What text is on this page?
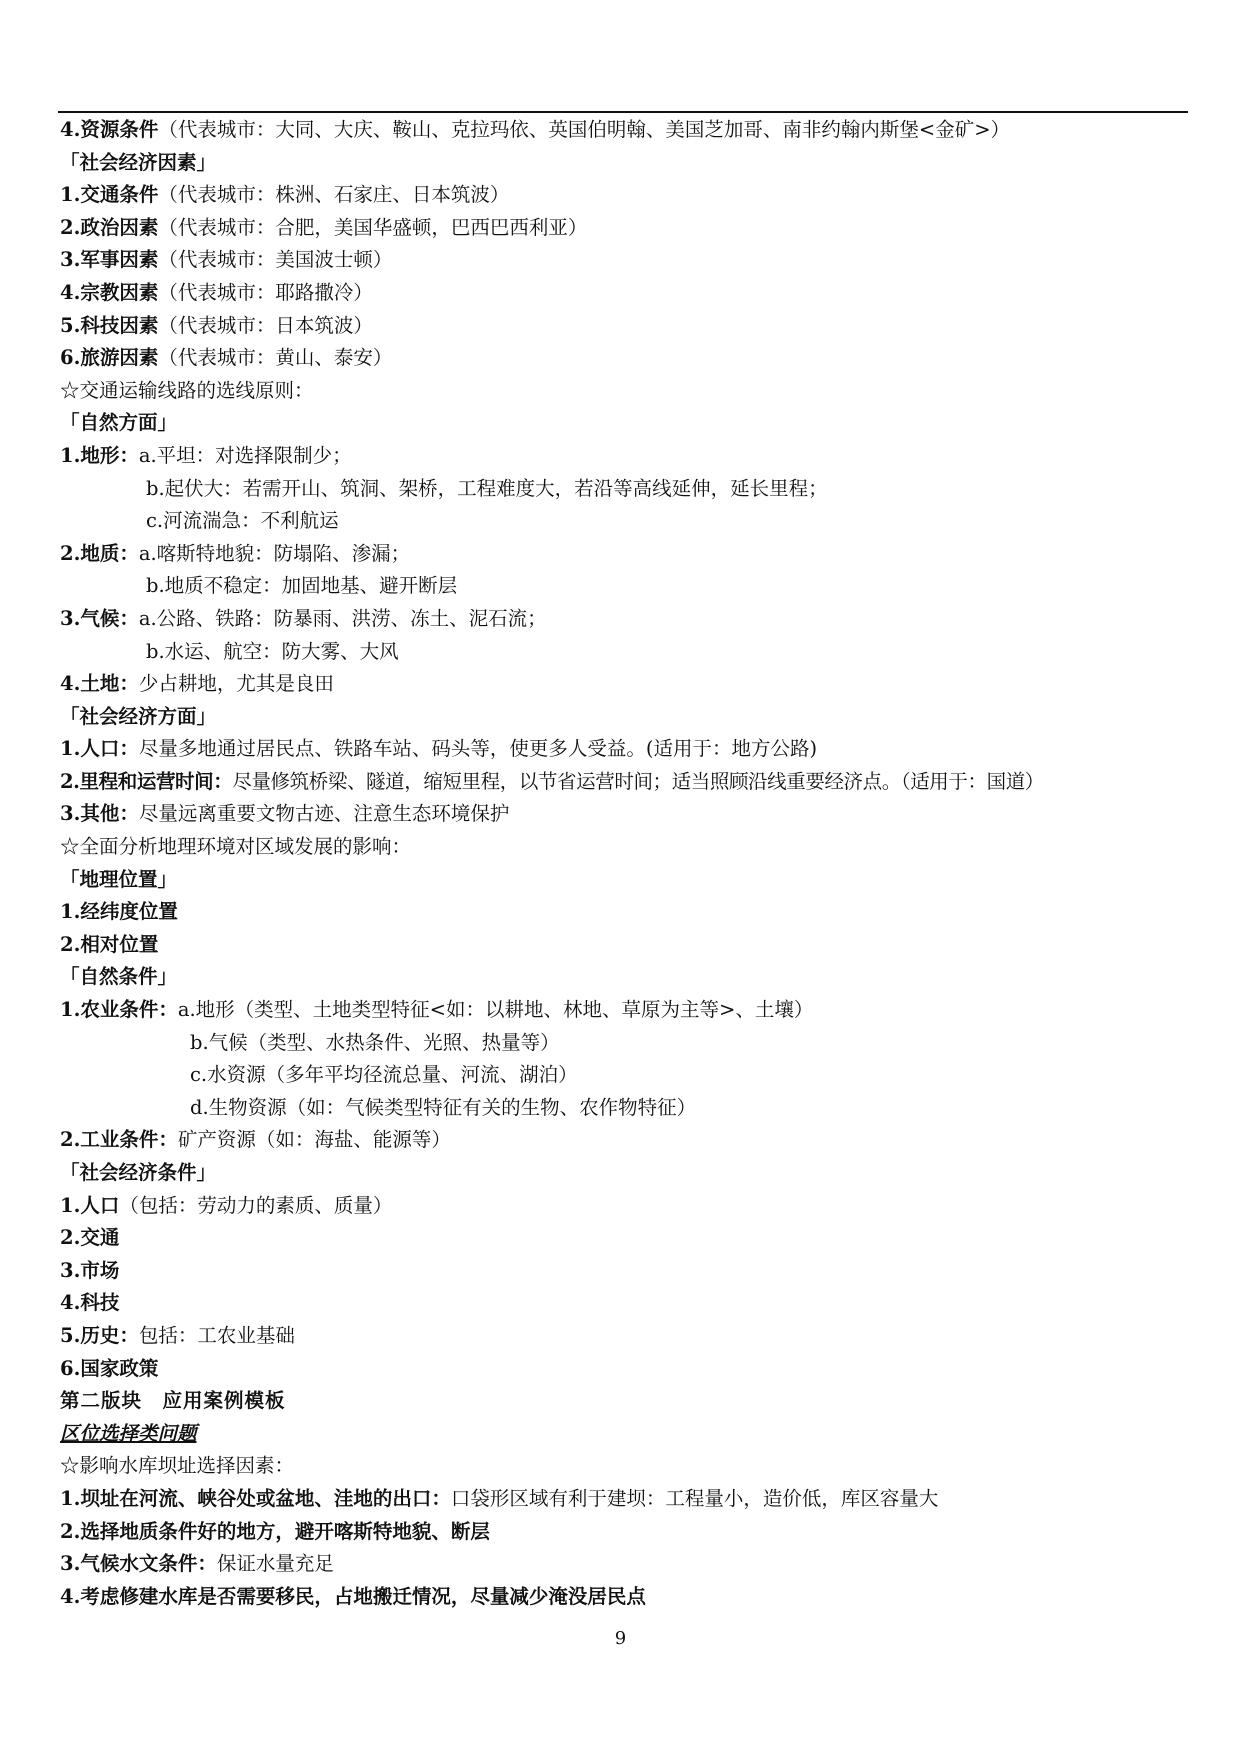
4.资源条件（代表城市：大同、大庆、鞍山、克拉玛依、英国伯明翰、美国芝加哥、南非约翰内斯堡<金矿>）
「社会经济因素」
1.交通条件（代表城市：株洲、石家庄、日本筑波）
2.政治因素（代表城市：合肥，美国华盛顿，巴西巴西利亚）
3.军事因素（代表城市：美国波士顿）
4.宗教因素（代表城市：耶路撒冷）
5.科技因素（代表城市：日本筑波）
6.旅游因素（代表城市：黄山、泰安）
☆交通运输线路的选线原则：
「自然方面」
1.地形：a.平坦：对选择限制少；
b.起伏大：若需开山、筑洞、架桥，工程难度大，若沿等高线延伸，延长里程；
c.河流湍急：不利航运
2.地质：a.喀斯特地貌：防塌陷、渗漏；
b.地质不稳定：加固地基、避开断层
3.气候：a.公路、铁路：防暴雨、洪涝、冻土、泥石流；
b.水运、航空：防大雾、大风
4.土地：少占耕地，尤其是良田
「社会经济方面」
1.人口：尽量多地通过居民点、铁路车站、码头等，使更多人受益。(适用于：地方公路)
2.里程和运营时间：尽量修筑桥梁、隧道，缩短里程，以节省运营时间；适当照顾沿线重要经济点。（适用于：国道）
3.其他：尽量远离重要文物古迹、注意生态环境保护
☆全面分析地理环境对区域发展的影响：
「地理位置」
1.经纬度位置
2.相对位置
「自然条件」
1.农业条件：a.地形（类型、土地类型特征<如：以耕地、林地、草原为主等>、土壤）
b.气候（类型、水热条件、光照、热量等）
c.水资源（多年平均径流总量、河流、湖泊）
d.生物资源（如：气候类型特征有关的生物、农作物特征）
2.工业条件：矿产资源（如：海盐、能源等）
「社会经济条件」
1.人口（包括：劳动力的素质、质量）
2.交通
3.市场
4.科技
5.历史：包括：工农业基础
6.国家政策
第二版块　应用案例模板
区位选择类问题
☆影响水库坝址选择因素：
1.坝址在河流、峡谷处或盆地、洼地的出口：口袋形区域有利于建坝：工程量小，造价低，库区容量大
2.选择地质条件好的地方，避开喀斯特地貌、断层
3.气候水文条件：保证水量充足
4.考虑修建水库是否需要移民，占地搬迁情况，尽量减少淹没居民点
9
